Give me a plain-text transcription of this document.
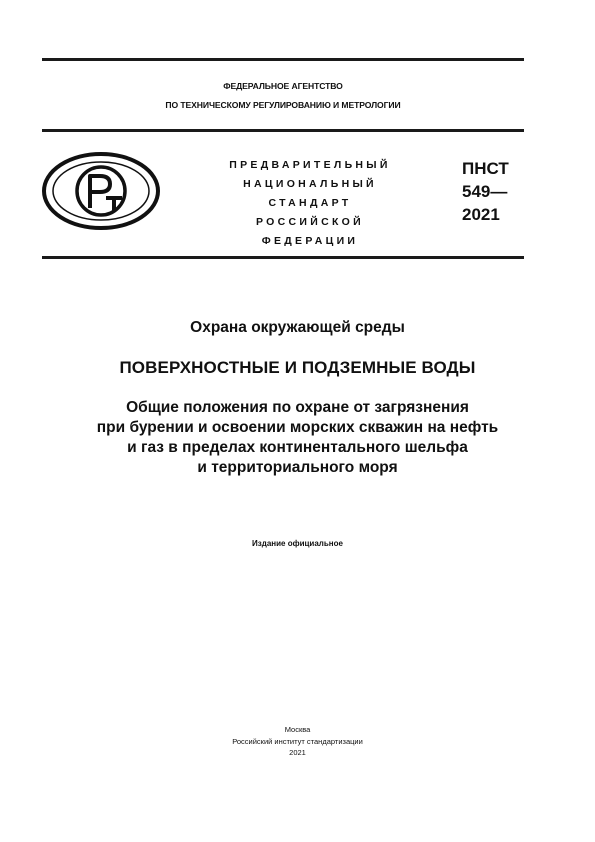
ФЕДЕРАЛЬНОЕ АГЕНТСТВО
ПО ТЕХНИЧЕСКОМУ РЕГУЛИРОВАНИЮ И МЕТРОЛОГИИ
ПРЕДВАРИТЕЛЬНЫЙ
НАЦИОНАЛЬНЫЙ
СТАНДАРТ
РОССИЙСКОЙ
ФЕДЕРАЦИИ
ПНСТ
549—
2021
Охрана окружающей среды
ПОВЕРХНОСТНЫЕ И ПОДЗЕМНЫЕ ВОДЫ
Общие положения по охране от загрязнения
при бурении и освоении морских скважин на нефть
и газ в пределах континентального шельфа
и территориального моря
Издание официальное
Москва
Российский институт стандартизации
2021
